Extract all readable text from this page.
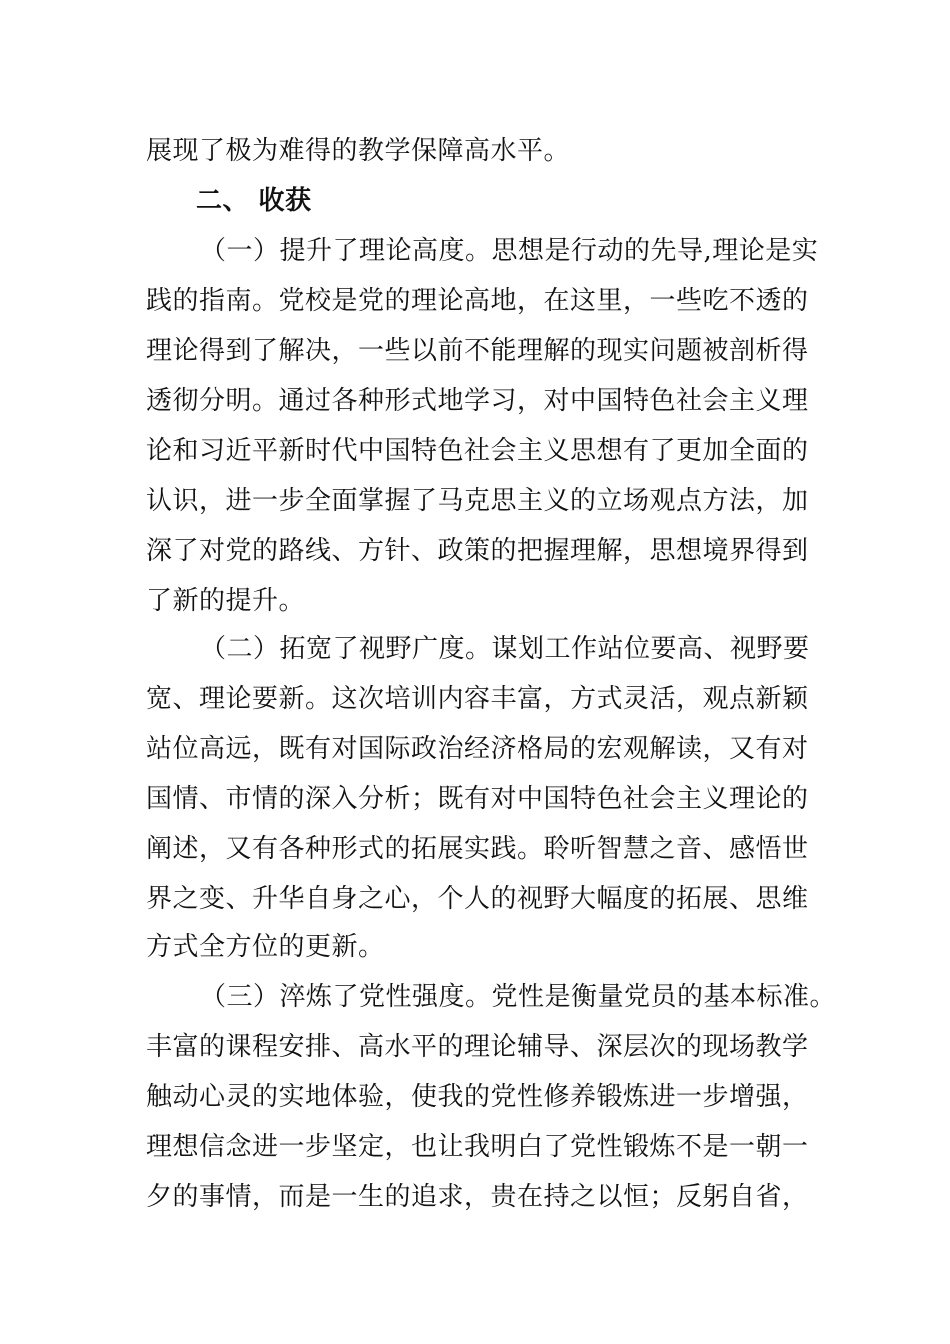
展现了极为难得的教学保障高水平。
二、 收获
（一）提升了理论高度。思想是行动的先导,理论是实
践的指南。党校是党的理论高地，在这里，一些吃不透的
理论得到了解决，一些以前不能理解的现实问题被剖析得
透彻分明。通过各种形式地学习，对中国特色社会主义理
论和习近平新时代中国特色社会主义思想有了更加全面的
认识，进一步全面掌握了马克思主义的立场观点方法，加
深了对党的路线、方针、政策的把握理解，思想境界得到
了新的提升。
（二）拓宽了视野广度。谋划工作站位要高、视野要
宽、理论要新。这次培训内容丰富，方式灵活，观点新颖
站位高远，既有对国际政治经济格局的宏观解读，又有对
国情、市情的深入分析；既有对中国特色社会主义理论的
阐述，又有各种形式的拓展实践。聆听智慧之音、感悟世
界之变、升华自身之心，个人的视野大幅度的拓展、思维
方式全方位的更新。
（三）淬炼了党性强度。党性是衡量党员的基本标准。
丰富的课程安排、高水平的理论辅导、深层次的现场教学
触动心灵的实地体验，使我的党性修养锻炼进一步增强，
理想信念进一步坚定，也让我明白了党性锻炼不是一朝一
夕的事情，而是一生的追求，贵在持之以恒；反躬自省，
